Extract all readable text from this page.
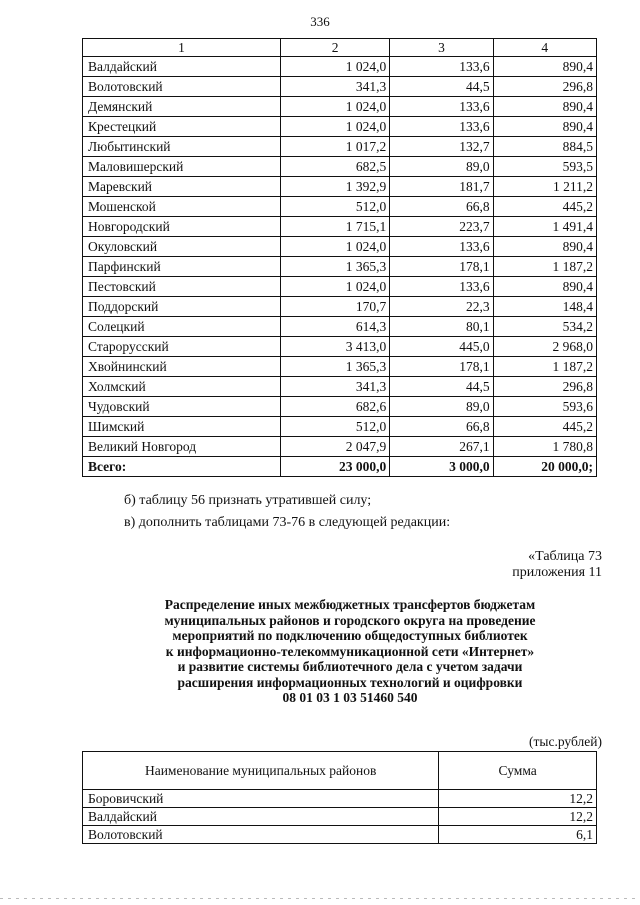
336
1	2	3	4
Валдайский	1 024,0	133,6	890,4
Волотовский	341,3	44,5	296,8
Демянский	1 024,0	133,6	890,4
Крестецкий	1 024,0	133,6	890,4
Любытинский	1 017,2	132,7	884,5
Маловишерский	682,5	89,0	593,5
Маревский	1 392,9	181,7	1 211,2
Мошенской	512,0	66,8	445,2
Новгородский	1 715,1	223,7	1 491,4
Окуловский	1 024,0	133,6	890,4
Парфинский	1 365,3	178,1	1 187,2
Пестовский	1 024,0	133,6	890,4
Поддорский	170,7	22,3	148,4
Солецкий	614,3	80,1	534,2
Старорусский	3 413,0	445,0	2 968,0
Хвойнинский	1 365,3	178,1	1 187,2
Холмский	341,3	44,5	296,8
Чудовский	682,6	89,0	593,6
Шимский	512,0	66,8	445,2
Великий Новгород	2 047,9	267,1	1 780,8
Всего:	23 000,0	3 000,0	20 000,0;
б) таблицу 56 признать утратившей силу;
в) дополнить таблицами 73-76 в следующей редакции:
«Таблица 73
приложения 11
Распределение иных межбюджетных трансфертов бюджетам
муниципальных районов и городского округа на проведение
мероприятий по подключению общедоступных библиотек
к информационно-телекоммуникационной сети «Интернет»
и развитие системы библиотечного дела с учетом задачи
расширения информационных технологий и оцифровки
08 01 03 1 03 51460 540
(тыс.рублей)
Наименование муниципальных районов	Сумма
Боровичский	12,2
Валдайский	12,2
Волотовский	6,1
